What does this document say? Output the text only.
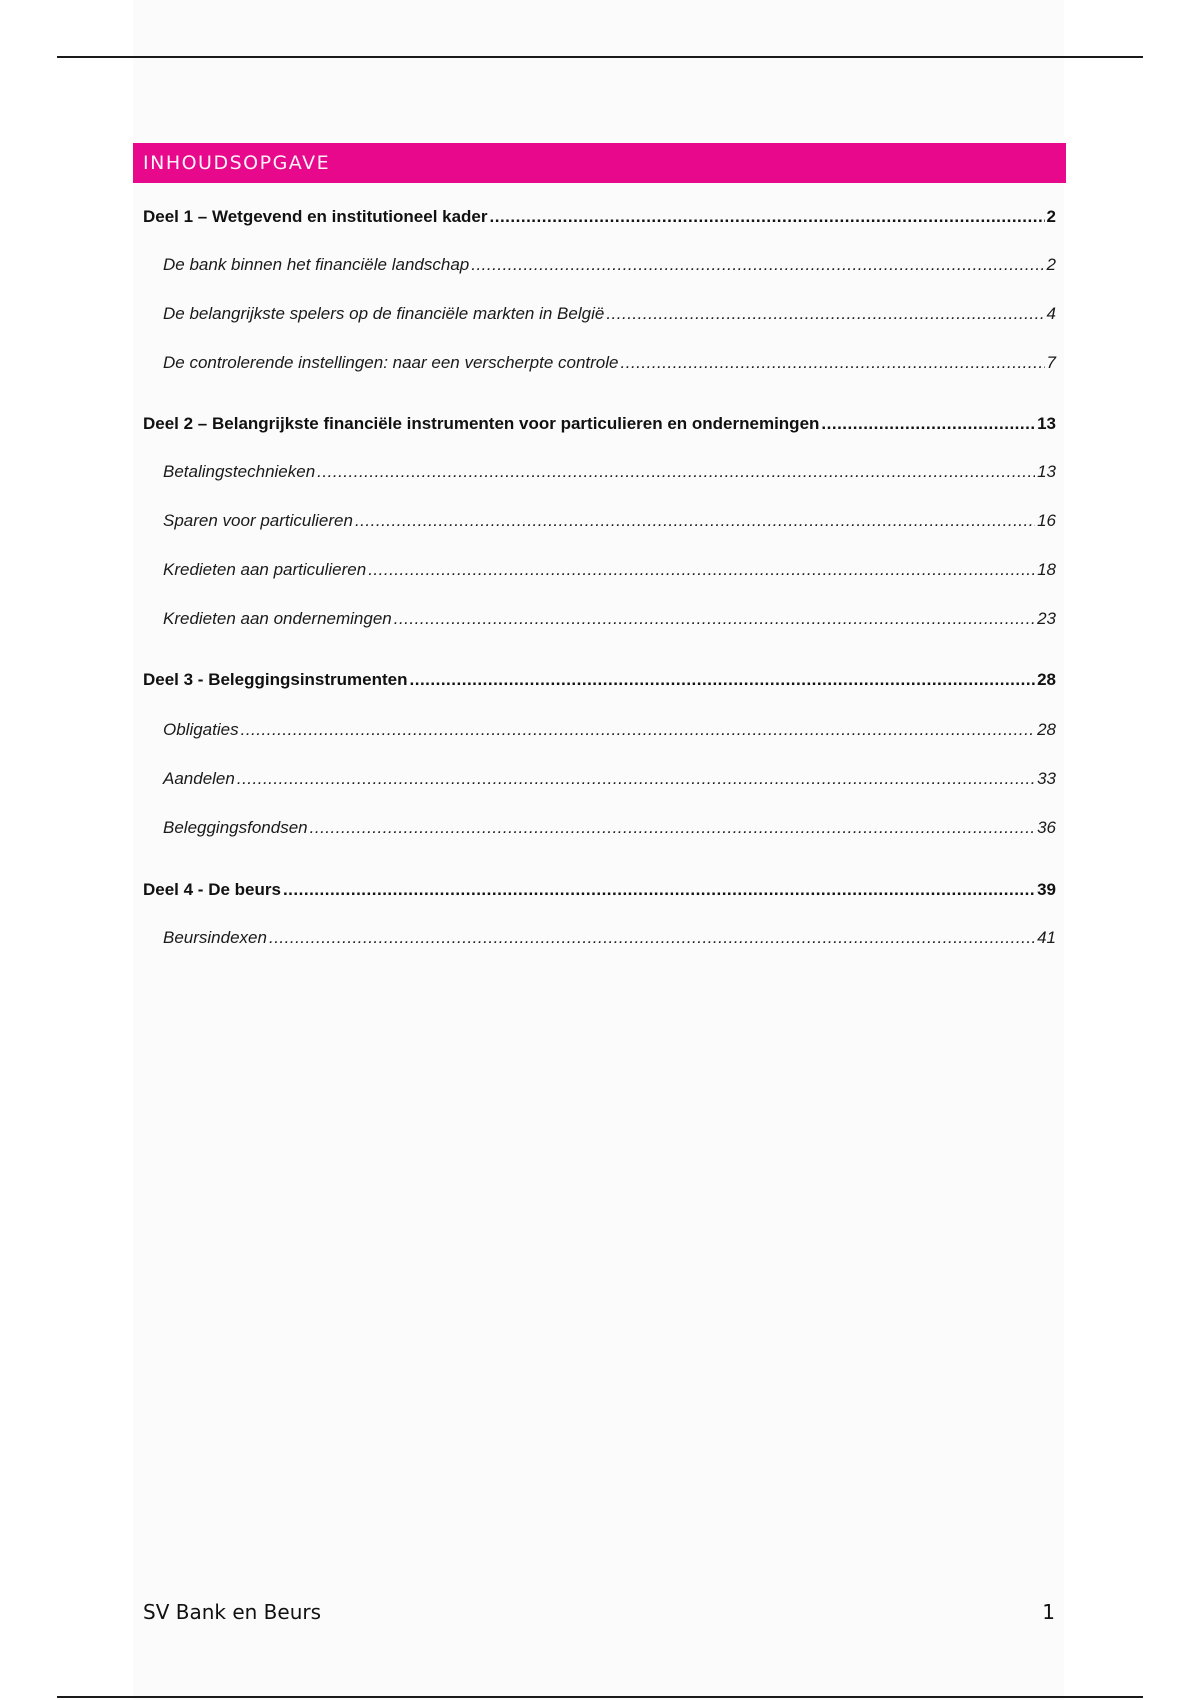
INHOUDSOPGAVE
Deel 1 – Wetgevend en institutioneel kader .....	2
De bank binnen het financiële landschap .....	2
De belangrijkste spelers op de financiële markten in België .....	4
De controlerende instellingen: naar een verscherpte controle .....	7
Deel 2 – Belangrijkste financiële instrumenten voor particulieren en ondernemingen .....	13
Betalingstechnieken .....	13
Sparen voor particulieren .....	16
Kredieten aan particulieren .....	18
Kredieten aan ondernemingen .....	23
Deel 3 - Beleggingsinstrumenten .....	28
Obligaties .....	28
Aandelen .....	33
Beleggingsfondsen .....	36
Deel 4 - De beurs .....	39
Beursindexen .....	41
SV Bank en Beurs	1
